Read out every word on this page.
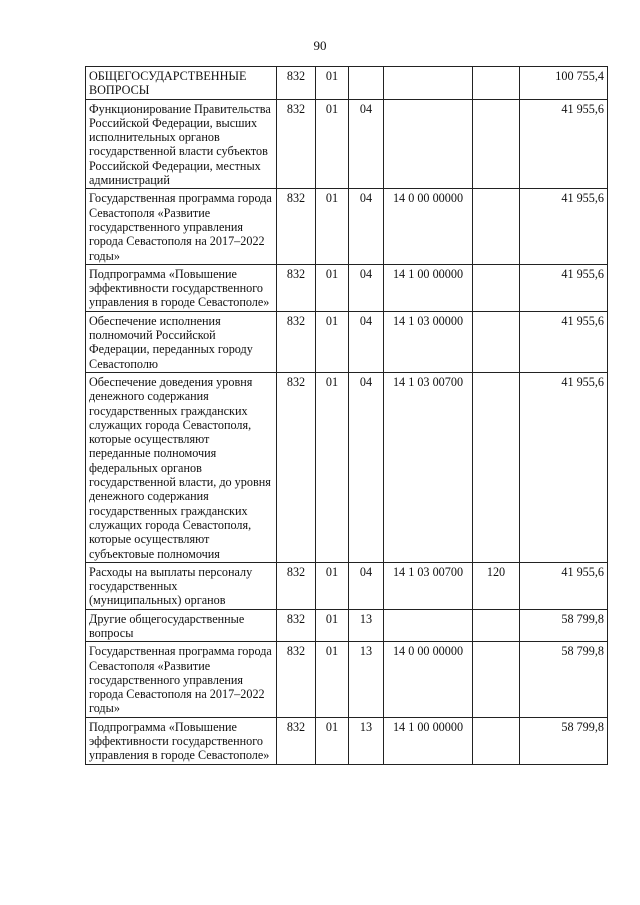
90
ОБЩЕГОСУДАРСТВЕННЫЕ ВОПРОСЫ	832	01				100 755,4
Функционирование Правительства Российской Федерации, высших исполнительных органов государственной власти субъектов Российской Федерации, местных администраций	832	01	04			41 955,6
Государственная программа города Севастополя «Развитие государственного управления города Севастополя на 2017–2022 годы»	832	01	04	14 0 00 00000		41 955,6
Подпрограмма «Повышение эффективности государственного управления в городе Севастополе»	832	01	04	14 1 00 00000		41 955,6
Обеспечение исполнения полномочий Российской Федерации, переданных городу Севастополю	832	01	04	14 1 03 00000		41 955,6
Обеспечение доведения уровня денежного содержания государственных гражданских служащих города Севастополя, которые осуществляют переданные полномочия федеральных органов государственной власти, до уровня денежного содержания государственных гражданских служащих города Севастополя, которые осуществляют субъектовые полномочия	832	01	04	14 1 03 00700		41 955,6
Расходы на выплаты персоналу государственных (муниципальных) органов	832	01	04	14 1 03 00700	120	41 955,6
Другие общегосударственные вопросы	832	01	13			58 799,8
Государственная программа города Севастополя «Развитие государственного управления города Севастополя на 2017–2022 годы»	832	01	13	14 0 00 00000		58 799,8
Подпрограмма «Повышение эффективности государственного управления в городе Севастополе»	832	01	13	14 1 00 00000		58 799,8
